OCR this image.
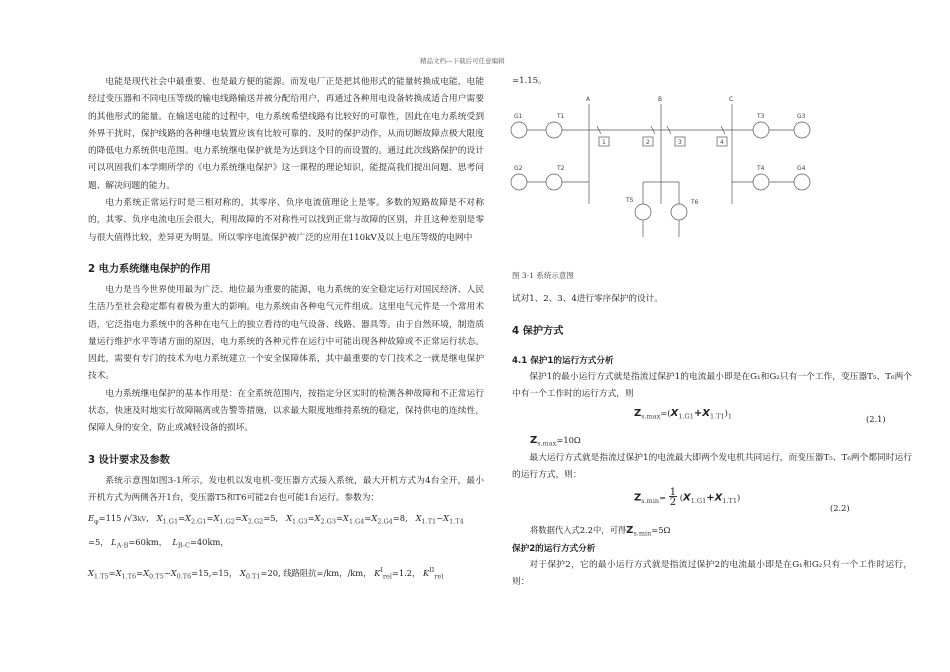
精品文档---下载后可任意编辑

电能是现代社会中最重要、也是最方便的能源。而发电厂正是把其他形式的能量转换成电能，电能经过变压器和不同电压等级的输电线路输送并被分配给用户，再通过各种用电设备转换成适合用户需要的其他形式的能量。在输送电能的过程中，电力系统希望线路有比较好的可靠性，因此在电力系统受到外界干扰时，保护线路的各种继电装置应该有比较可靠的、及时的保护动作，从而切断故障点极大限度的降低电力系统供电范围。电力系统继电保护就是为达到这个目的而设置的。通过此次线路保护的设计可以巩固我们本学期所学的《电力系统继电保护》这一课程的理论知识，能提高我们提出问题、思考问题、解决问题的能力。

电力系统正常运行时是三相对称的，其零序、负序电流值理论上是零。多数的短路故障是不对称的，其零、负序电流电压会很大，利用故障的不对称性可以找到正常与故障的区别，并且这种差别是零与很大值得比较，差异更为明显。所以零序电流保护被广泛的应用在110kV及以上电压等级的电网中

2 电力系统继电保护的作用

电力是当今世界使用最为广泛、地位最为重要的能源，电力系统的安全稳定运行对国民经济、人民生活乃至社会稳定都有着极为重大的影响。电力系统由各种电气元件组成。这里电气元件是一个常用术语，它泛指电力系统中的各种在电气上的独立看待的电气设备、线路、器具等。由于自然环境，制造质量运行维护水平等诸方面的原因，电力系统的各种元件在运行中可能出现各种故障或不正常运行状态。因此，需要有专门的技术为电力系统建立一个安全保障体系，其中最重要的专门技术之一就是继电保护技术。

电力系统继电保护的基本作用是：在全系统范围内，按指定分区实时的检测各种故障和不正常运行状态，快速及时地实行故障隔离或告警等措施，以求最大限度地维持系统的稳定，保持供电的连续性，保障人身的安全，防止或减轻设备的损坏。

3 设计要求及参数

系统示意图如图3-1所示，发电机以发电机-变压器方式接入系统，最大开机方式为4台全开，最小开机方式为两侧各开1台，变压器T5和T6可能2台也可能1台运行。参数为：

$E_\varphi=115$ /√3kV,   $X_{1.G1}=X_{2.G1}=X_{1.G2}=X_{2.G2}=5$, $X_{1.G3}=X_{2.G3}=X_{1.G4}=X_{2.G4}=8$, $X_{1.T1}\sim X_{1.T4}$
=5， $L_{A-B}=60km$， $L_{B-C}=40km$，
$X_{1.T5}=X_{1.T6}=X_{0.T5}\sim X_{0.T6}=15,=15$， $X_{0.T1}=20$, 线路阻抗=/km，/km， $K^I_{rel}=1.2$， $K^{II}_{rel}$
=1.15。
A	B	C
G1	T1
G2	T2
T3	G3
T4	G4
T5	T6
1	2	3	4
图 3-1 系统示意图
试对1、2、3、4进行零序保护的设计。
4 保护方式
4.1 保护1的运行方式分析

保护1的最小运行方式就是指流过保护1的电流最小即是在G₁和G₂只有一个工作，变压器T₅、T₆两个中有一个工作时的运行方式，则

$Z_{s.max}=(X_{1.G1}+X_{1.T1})_1$	(2.1)
$Z_{s.max}=10\Omega$

最大运行方式就是指流过保护1的电流最大即两个发电机共同运行，而变压器T₅、T₆两个都同时运行的运行方式，则：

$Z_{s.min}= \frac{1}{2} (X_{1.G1}+X_{1.T1})$
(2.2)
将数据代入式2.2中，可得$Z_{s.min}=5\Omega$
保护2的运行方式分析

对于保护2，它的最小运行方式就是指流过保护2的电流最小即是在G₁和G₂只有一个工作时运行，则：
